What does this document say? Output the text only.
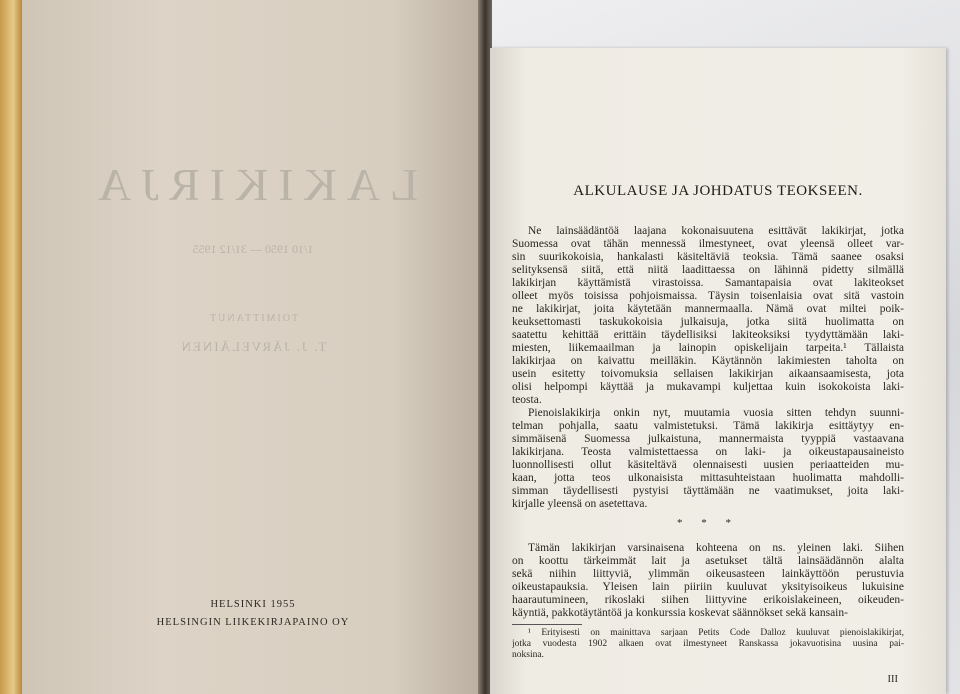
LAKIKIRJA
1/10 1950 — 31/12 1955
TOIMITTANUT
T. J. JÄRVELÄINEN
HELSINKI 1955
HELSINGIN LIIKEKIRJAPAINO OY
ALKULAUSE JA JOHDATUS TEOKSEEN.
Ne lainsäädäntöä laajana kokonaisuutena esittävät lakikirjat, jotka
Suomessa ovat tähän mennessä ilmestyneet, ovat yleensä olleet var-
sin suurikokoisia, hankalasti käsiteltäviä teoksia. Tämä saanee osaksi
selityksensä siitä, että niitä laadittaessa on lähinnä pidetty silmällä
lakikirjan käyttämistä virastoissa. Samantapaisia ovat lakiteokset
olleet myös toisissa pohjoismaissa. Täysin toisenlaisia ovat sitä vastoin
ne lakikirjat, joita käytetään mannermaalla. Nämä ovat miltei poik-
keuksettomasti taskukokoisia julkaisuja, jotka siitä huolimatta on
saatettu kehittää erittäin täydellisiksi lakiteoksiksi tyydyttämään laki-
miesten, liikemaailman ja lainopin opiskelijain tarpeita.¹ Tällaista
lakikirjaa on kaivattu meilläkin. Käytännön lakimiesten taholta on
usein esitetty toivomuksia sellaisen lakikirjan aikaansaamisesta, jota
olisi helpompi käyttää ja mukavampi kuljettaa kuin isokokoista laki-
teosta.
Pienoislakikirja onkin nyt, muutamia vuosia sitten tehdyn suunni-
telman pohjalla, saatu valmistetuksi. Tämä lakikirja esittäytyy en-
simmäisenä Suomessa julkaistuna, mannermaista tyyppiä vastaavana
lakikirjana. Teosta valmistettaessa on laki- ja oikeustapausaineisto
luonnollisesti ollut käsiteltävä olennaisesti uusien periaatteiden mu-
kaan, jotta teos ulkonaisista mittasuhteistaan huolimatta mahdolli-
simman täydellisesti pystyisi täyttämään ne vaatimukset, joita laki-
kirjalle yleensä on asetettava.
* * *
Tämän lakikirjan varsinaisena kohteena on ns. yleinen laki. Siihen
on koottu tärkeimmät lait ja asetukset tältä lainsäädännön alalta
sekä niihin liittyviä, ylimmän oikeusasteen lainkäyttöön perustuvia
oikeustapauksia. Yleisen lain piiriin kuuluvat yksityisoikeus lukuisine
haarautumineen, rikoslaki siihen liittyvine erikoislakeineen, oikeuden-
käyntiä, pakkotäytäntöä ja konkurssia koskevat säännökset sekä kansain-
¹ Erityisesti on mainittava sarjaan Petits Code Dalloz kuuluvat pienoislakikirjat,
jotka vuodesta 1902 alkaen ovat ilmestyneet Ranskassa jokavuotisina uusina pai-
noksina.
III
